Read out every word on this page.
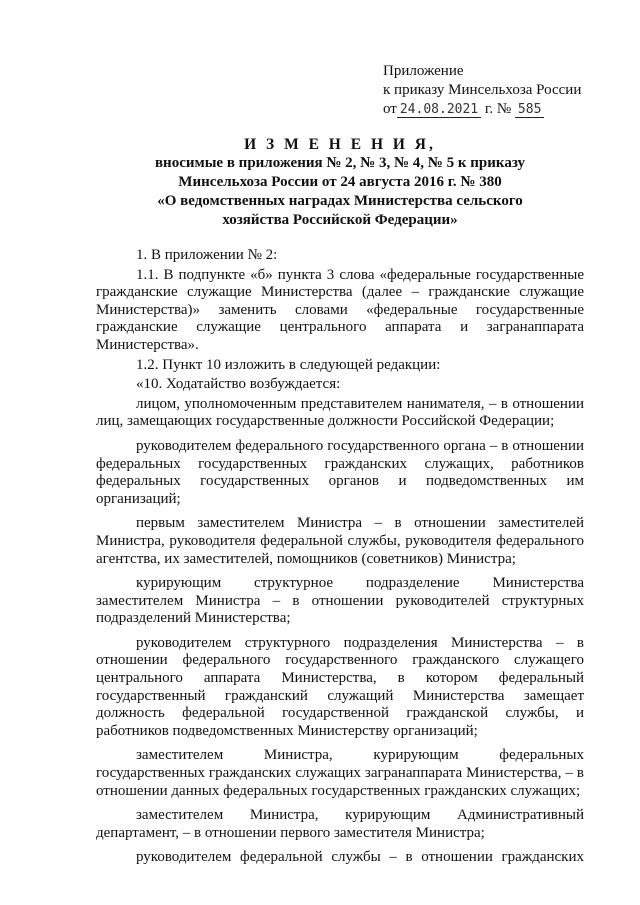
Приложение
к приказу Минсельхоза России
от 24.08.2021 г. № 585
И З М Е Н Е Н И Я,
вносимые в приложения № 2, № 3, № 4, № 5 к приказу
Минсельхоза России от 24 августа 2016 г. № 380
«О ведомственных наградах Министерства сельского
хозяйства Российской Федерации»

1. В приложении № 2:

1.1. В подпункте «б» пункта 3 слова «федеральные государственные гражданские служащие Министерства (далее – гражданские служащие Министерства)» заменить словами «федеральные государственные гражданские служащие центрального аппарата и загранаппарата Министерства».

1.2. Пункт 10 изложить в следующей редакции:

«10. Ходатайство возбуждается:

лицом, уполномоченным представителем нанимателя, – в отношении лиц, замещающих государственные должности Российской Федерации;

руководителем федерального государственного органа – в отношении федеральных государственных гражданских служащих, работников федеральных государственных органов и подведомственных им организаций;

первым заместителем Министра – в отношении заместителей Министра, руководителя федеральной службы, руководителя федерального агентства, их заместителей, помощников (советников) Министра;

курирующим структурное подразделение Министерства заместителем Министра – в отношении руководителей структурных подразделений Министерства;

руководителем структурного подразделения Министерства – в отношении федерального государственного гражданского служащего центрального аппарата Министерства, в котором федеральный государственный гражданский служащий Министерства замещает должность федеральной государственной гражданской службы, и работников подведомственных Министерству организаций;

заместителем Министра, курирующим федеральных государственных гражданских служащих загранаппарата Министерства, – в отношении данных федеральных государственных гражданских служащих;

заместителем Министра, курирующим Административный департамент, – в отношении первого заместителя Министра;

руководителем федеральной службы – в отношении гражданских
